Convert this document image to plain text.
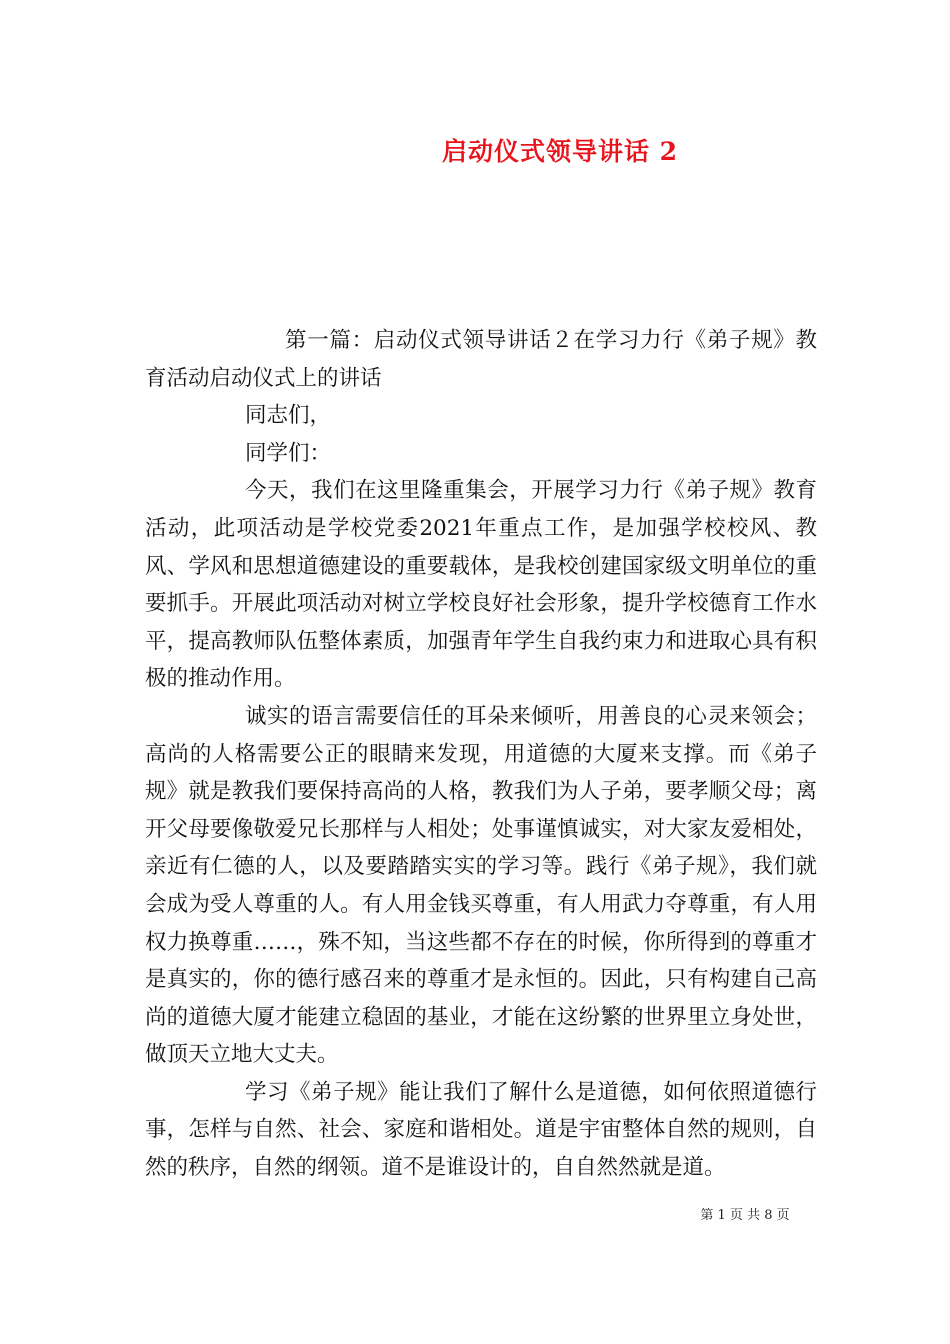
启动仪式领导讲话 2

第一篇：启动仪式领导讲话２在学习力行《弟子规》教育活动启动仪式上的讲话

同志们，

同学们：

今天，我们在这里隆重集会，开展学习力行《弟子规》教育活动，此项活动是学校党委2021年重点工作，是加强学校校风、教风、学风和思想道德建设的重要载体，是我校创建国家级文明单位的重要抓手。开展此项活动对树立学校良好社会形象，提升学校德育工作水平，提高教师队伍整体素质，加强青年学生自我约束力和进取心具有积极的推动作用。

诚实的语言需要信任的耳朵来倾听，用善良的心灵来领会；高尚的人格需要公正的眼睛来发现，用道德的大厦来支撑。而《弟子规》就是教我们要保持高尚的人格，教我们为人子弟，要孝顺父母；离开父母要像敬爱兄长那样与人相处；处事谨慎诚实，对大家友爱相处，亲近有仁德的人，以及要踏踏实实的学习等。践行《弟子规》，我们就会成为受人尊重的人。有人用金钱买尊重，有人用武力夺尊重，有人用权力换尊重……，殊不知，当这些都不存在的时候，你所得到的尊重才是真实的，你的德行感召来的尊重才是永恒的。因此，只有构建自己高尚的道德大厦才能建立稳固的基业，才能在这纷繁的世界里立身处世，做顶天立地大丈夫。

学习《弟子规》能让我们了解什么是道德，如何依照道德行事，怎样与自然、社会、家庭和谐相处。道是宇宙整体自然的规则，自然的秩序，自然的纲领。道不是谁设计的，自自然然就是道。

第 1 页 共 8 页
